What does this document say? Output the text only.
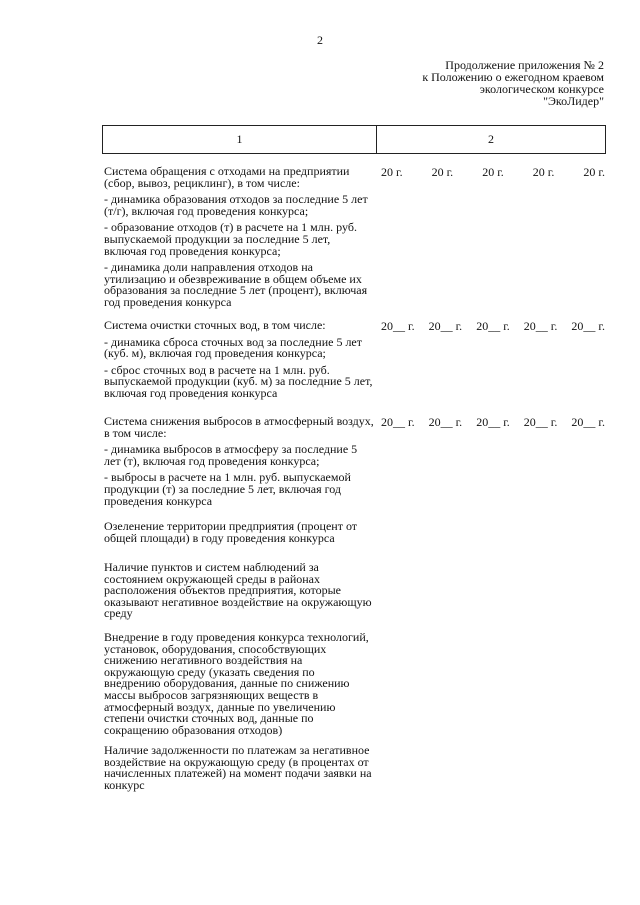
2
Продолжение приложения № 2
к Положению о ежегодном краевом
экологическом конкурсе
"ЭкоЛидер"
1	2

Система обращения с отходами на предприятии (сбор, вывоз, рециклинг), в том числе:

- динамика образования отходов за последние 5 лет (т/г), включая год проведения конкурса;

- образование отходов (т) в расчете на 1 млн. руб. выпускаемой продукции за последние 5 лет, включая год проведения конкурса;

- динамика доли направления отходов на утилизацию и обезвреживание в общем объеме их образования за последние 5 лет (процент), включая год проведения конкурса

20 г. 20 г. 20 г. 20 г. 20 г.

Система очистки сточных вод, в том числе:

- динамика сброса сточных вод за последние 5 лет (куб. м), включая год проведения конкурса;

- сброс сточных вод в расчете на 1 млн. руб. выпускаемой продукции (куб. м) за последние 5 лет, включая год проведения конкурса

20__ г. 20__ г. 20__ г. 20__ г. 20__ г.

Система снижения выбросов в атмосферный воздух, в том числе:

- динамика выбросов в атмосферу за последние 5 лет (т), включая год проведения конкурса;

- выбросы в расчете на 1 млн. руб. выпускаемой продукции (т) за последние 5 лет, включая год проведения конкурса

20__ г. 20__ г. 20__ г. 20__ г. 20__ г.

Озеленение территории предприятия (процент от общей площади) в году проведения конкурса

Наличие пунктов и систем наблюдений за состоянием окружающей среды в районах расположения объектов предприятия, которые оказывают негативное воздействие на окружающую среду

Внедрение в году проведения конкурса технологий, установок, оборудования, способствующих снижению негативного воздействия на окружающую среду (указать сведения по внедрению оборудования, данные по снижению массы выбросов загрязняющих веществ в атмосферный воздух, данные по увеличению степени очистки сточных вод, данные по сокращению образования отходов)

Наличие задолженности по платежам за негативное воздействие на окружающую среду (в процентах от начисленных платежей) на момент подачи заявки на конкурс
